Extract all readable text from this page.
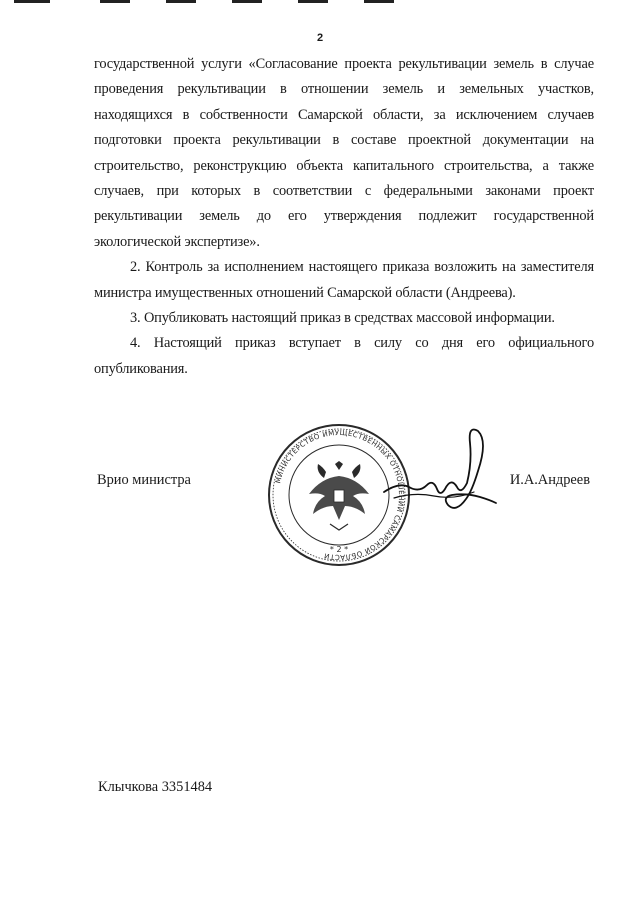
2

государственной услуги «Согласование проекта рекультивации земель в случае проведения рекультивации в отношении земель и земельных участков, находящихся в собственности Самарской области, за исключением случаев подготовки проекта рекультивации в составе проектной документации на строительство, реконструкцию объекта капитального строительства, а также случаев, при которых в соответствии с федеральными законами проект рекультивации земель до его утверждения подлежит государственной экологической экспертизе».

2. Контроль за исполнением настоящего приказа возложить на заместителя министра имущественных отношений Самарской области (Андреева).

3. Опубликовать настоящий приказ в средствах массовой информации.

4. Настоящий приказ вступает в силу со дня его официального опубликования.

Врио министра	МИНИСТЕРСТВО ИМУЩЕСТВЕННЫХ ОТНОШЕНИЙ САМАРСКОЙ ОБЛАСТИ
* 2 *
И.А.Андреев
Клычкова 3351484
